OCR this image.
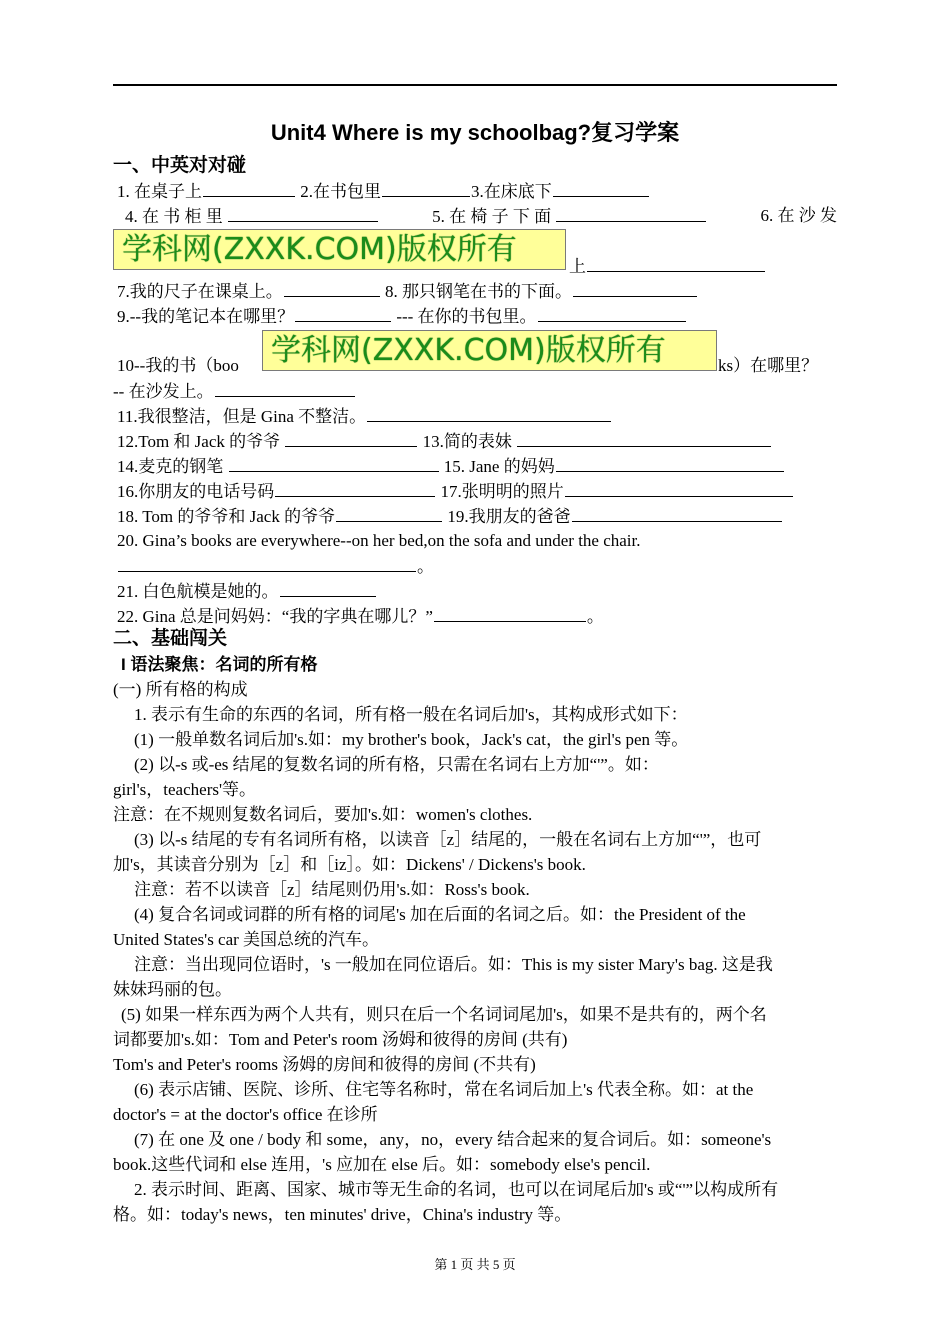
Unit4 Where is my schoolbag?复习学案
一、中英对对碰
1. 在桌子上	2.在书包里	3.在床底下
4. 在 书 柜 里	5. 在 椅 子 下 面	6. 在 沙 发
上
7.我的尺子在课桌上。	8. 那只钢笔在书的下面。
9.--我的笔记本在哪里？	--- 在你的书包里。
10--我的书（boo	ks）在哪里？
-- 在沙发上。
11.我很整洁，但是 Gina 不整洁。
12.Tom 和 Jack 的爷爷	13.简的表妹
14.麦克的钢笔	15. Jane 的妈妈
16.你朋友的电话号码	17.张明明的照片
18. Tom 的爷爷和 Jack 的爷爷	19.我朋友的爸爸
20. Gina’s books are everywhere--on her bed,on the sofa and under the chair.
。
21. 白色航模是她的。
22. Gina 总是问妈妈：“我的字典在哪儿？”	。
学科网(ZXXK.COM)版权所有
学科网(ZXXK.COM)版权所有
二、基础闯关
I 语法聚焦：名词的所有格
(一) 所有格的构成
1. 表示有生命的东西的名词，所有格一般在名词后加's，其构成形式如下：
(1) 一般单数名词后加's.如：my brother's book，Jack's cat，the girl's pen 等。
(2) 以-s 或-es 结尾的复数名词的所有格，只需在名词右上方加“'”。如：
girl's，teachers'等。
注意：在不规则复数名词后，要加's.如：women's clothes.
(3) 以-s 结尾的专有名词所有格，以读音［z］结尾的，一般在名词右上方加“'”，也可
加's，其读音分别为［z］和［iz］。如：Dickens' / Dickens's book.
注意：若不以读音［z］结尾则仍用's.如：Ross's book.
(4) 复合名词或词群的所有格的词尾's 加在后面的名词之后。如：the President of the
United States's car 美国总统的汽车。
注意：当出现同位语时，'s 一般加在同位语后。如：This is my sister Mary's bag. 这是我
妹妹玛丽的包。
(5) 如果一样东西为两个人共有，则只在后一个名词词尾加's，如果不是共有的，两个名
词都要加's.如：Tom and Peter's room 汤姆和彼得的房间 (共有)
Tom's and Peter's rooms 汤姆的房间和彼得的房间 (不共有)
(6) 表示店铺、医院、诊所、住宅等名称时，常在名词后加上's 代表全称。如：at the
doctor's = at the doctor's office 在诊所
(7) 在 one 及 one / body 和 some，any，no，every 结合起来的复合词后。如：someone's
book.这些代词和 else 连用，'s 应加在 else 后。如：somebody else's pencil.
2. 表示时间、距离、国家、城市等无生命的名词，也可以在词尾后加's 或“'”以构成所有
格。如：today's news，ten minutes' drive，China's industry 等。
第 1 页 共 5 页
